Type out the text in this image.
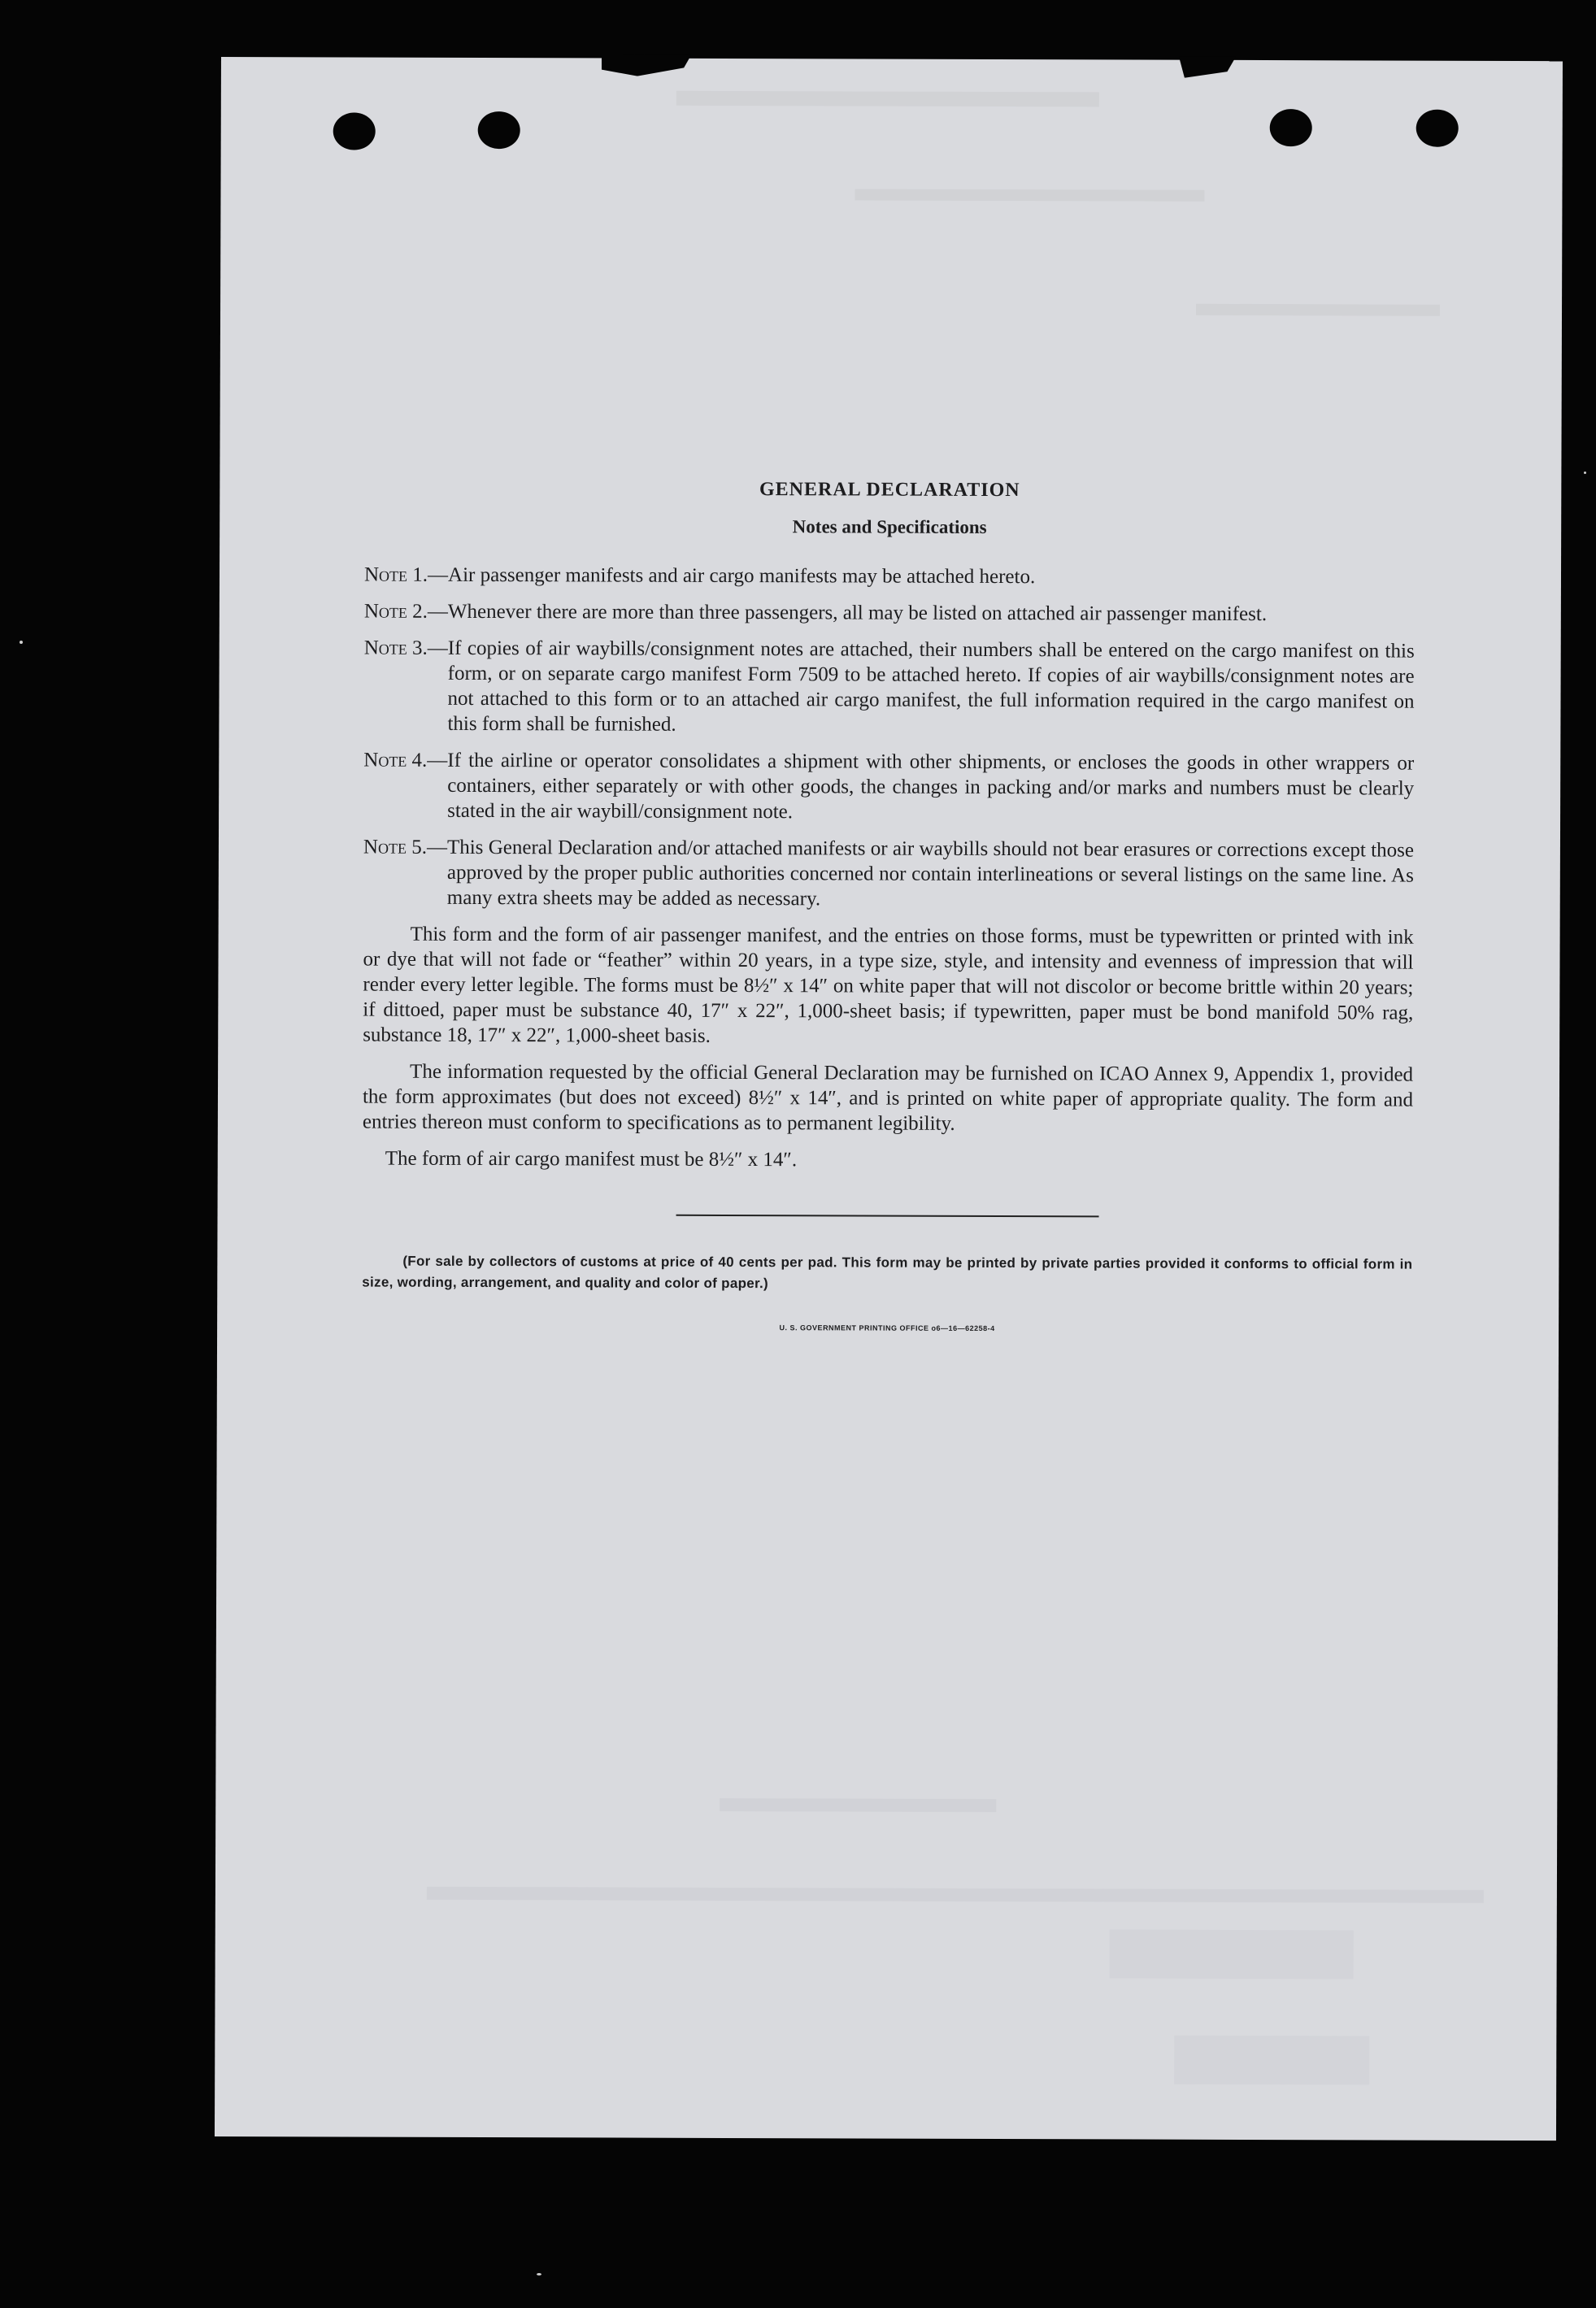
GENERAL DECLARATION
Notes and Specifications
Note 1.— Air passenger manifests and air cargo manifests may be attached hereto.
Note 2.— Whenever there are more than three passengers, all may be listed on attached air passenger manifest.
Note 3.— If copies of air waybills/consignment notes are attached, their numbers shall be entered on the cargo manifest on this form, or on separate cargo manifest Form 7509 to be attached hereto. If copies of air waybills/consignment notes are not attached to this form or to an attached air cargo manifest, the full information required in the cargo manifest on this form shall be furnished.
Note 4.— If the airline or operator consolidates a shipment with other shipments, or encloses the goods in other wrappers or containers, either separately or with other goods, the changes in packing and/or marks and numbers must be clearly stated in the air waybill/consignment note.
Note 5.— This General Declaration and/or attached manifests or air waybills should not bear erasures or corrections except those approved by the proper public authorities concerned nor contain interlineations or several listings on the same line. As many extra sheets may be added as necessary.

This form and the form of air passenger manifest, and the entries on those forms, must be typewritten or printed with ink or dye that will not fade or “feather” within 20 years, in a type size, style, and intensity and evenness of impression that will render every letter legible. The forms must be 8½″ x 14″ on white paper that will not discolor or become brittle within 20 years; if dittoed, paper must be substance 40, 17″ x 22″, 1,000-sheet basis; if typewritten, paper must be bond manifold 50% rag, substance 18, 17″ x 22″, 1,000-sheet basis.

The information requested by the official General Declaration may be furnished on ICAO Annex 9, Appendix 1, provided the form approximates (but does not exceed) 8½″ x 14″, and is printed on white paper of appropriate quality. The form and entries thereon must conform to specifications as to permanent legibility.

The form of air cargo manifest must be 8½″ x 14″.

(For sale by collectors of customs at price of 40 cents per pad. This form may be printed by private parties provided it conforms to official form in size, wording, arrangement, and quality and color of paper.)

U. S. GOVERNMENT PRINTING OFFICE o6—16—62258-4
